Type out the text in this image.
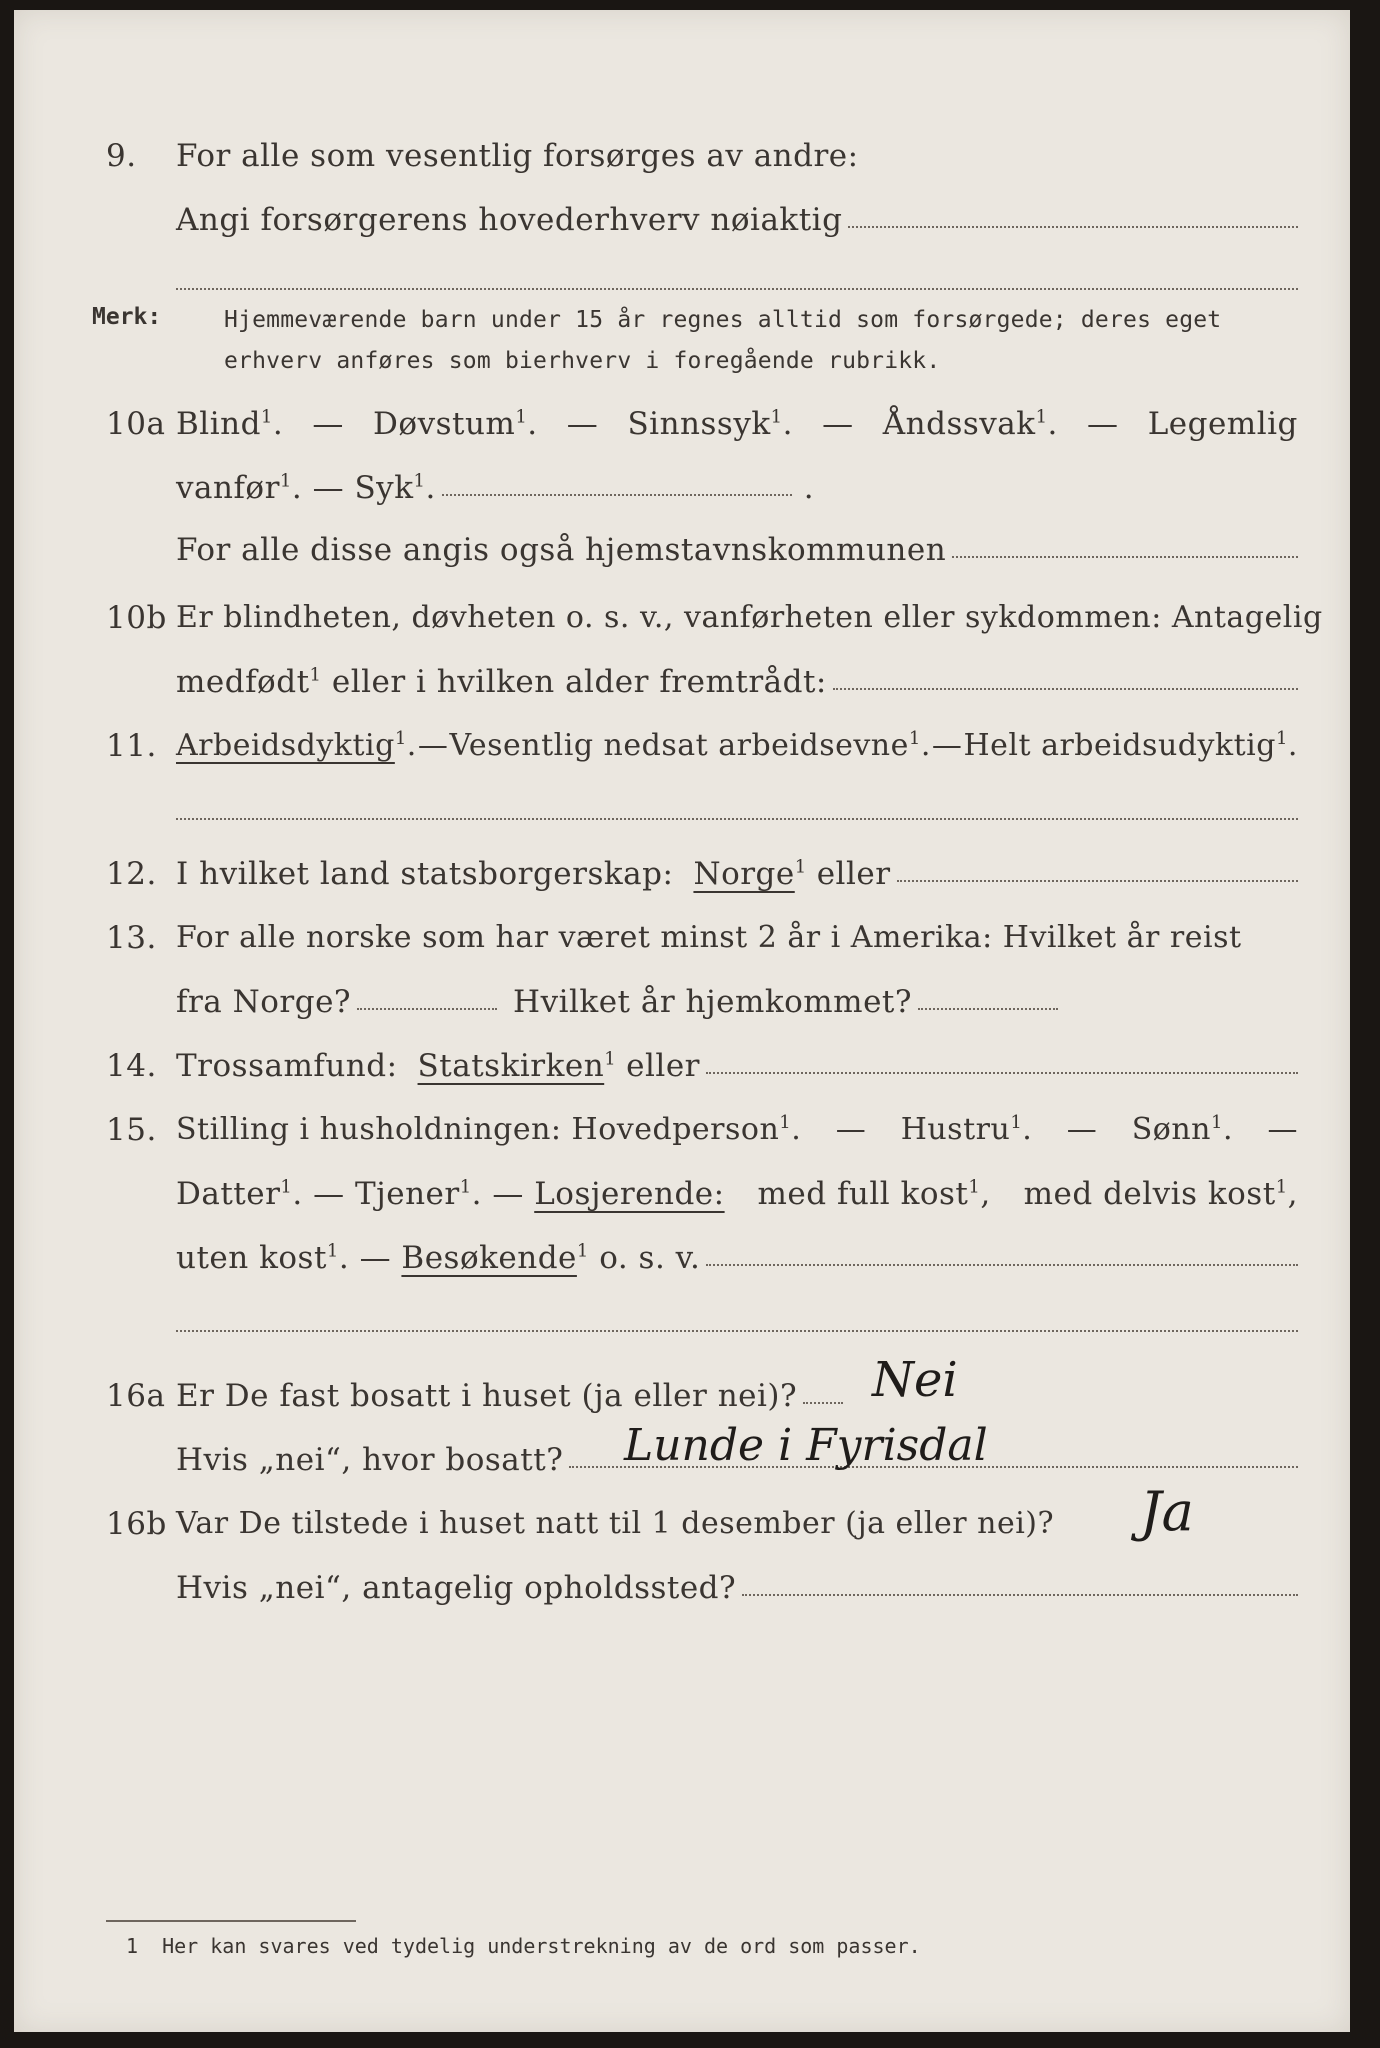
9. For alle som vesentlig forsørges av andre:
Angi forsørgerens hovederhverv nøiaktig
Merk:	Hjemmeværende barn under 15 år regnes alltid som forsørgede; deres eget erhverv anføres som bierhverv i foregående rubrikk.
10a Blind$^1$. — Døvstum$^1$. — Sinnssyk$^1$. — Åndssvak$^1$. — Legemlig
vanfør$^1$. — Syk$^1$.	.
For alle disse angis også hjemstavnskommunen
10b Er blindheten, døvheten o. s. v., vanførheten eller sykdommen: Antagelig
medfødt$^1$ eller i hvilken alder fremtrådt:
11. Arbeidsdyktig$^1$. — Vesentlig nedsat arbeidsevne$^1$. — Helt arbeidsudyktig$^1$.
12. I hvilket land statsborgerskap: Norge$^1$ eller
13. For alle norske som har været minst 2 år i Amerika: Hvilket år reist
fra Norge?	Hvilket år hjemkommet?
14. Trossamfund: Statskirken$^1$ eller
15. Stilling i husholdningen: Hovedperson$^1$. — Hustru$^1$. — Sønn$^1$. —
Datter$^1$. — Tjener$^1$. — Losjerende: med full kost$^1$, med delvis kost$^1$,
uten kost$^1$. — Besøkende$^1$ o. s. v.
16a Er De fast bosatt i huset (ja eller nei)? Nei
Hvis „nei“, hvor bosatt? Lunde i Fyrisdal
16b Var De tilstede i huset natt til 1 desember (ja eller nei)? Ja
Hvis „nei“, antagelig opholdssted?
1 Her kan svares ved tydelig understrekning av de ord som passer.
